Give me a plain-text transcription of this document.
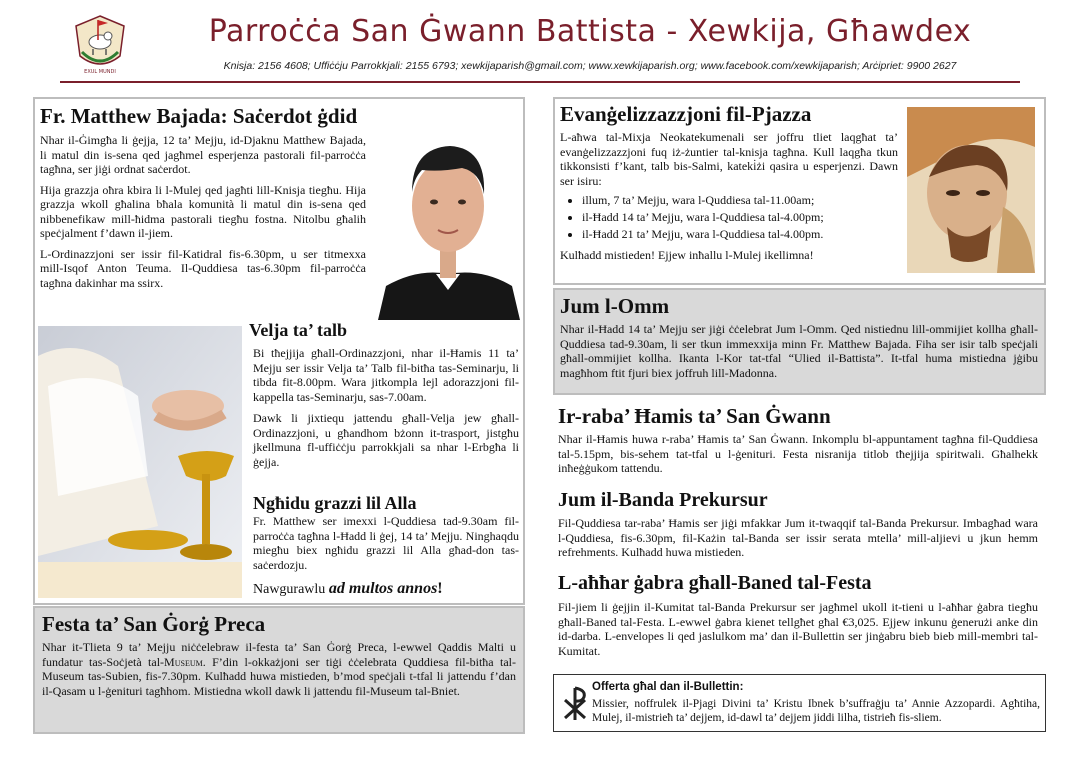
EXUL MUNDI
Parroċċa San Ġwann Battista - Xewkija, Għawdex
Knisja: 2156 4608; Uffiċċju Parrokkjali: 2155 6793; xewkijaparish@gmail.com; www.xewkijaparish.org; www.facebook.com/xewkijaparish; Arċipriet: 9900 2627
Fr. Matthew Bajada: Saċerdot ġdid

Nhar il-Ġimgħa li ġejja, 12 ta’ Mejju, id-Djaknu Matthew Bajada, li matul din is-sena qed jagħmel esperjenza pastorali fil-parroċċa tagħna, ser jiġi ordnat saċerdot.

Hija grazzja oħra kbira li l-Mulej qed jagħti lill-Knisja tiegħu. Hija grazzja wkoll għalina bħala komunità li matul din is-sena qed nibbenefikaw mill-ħidma pastorali tiegħu fostna. Nitolbu għalih speċjalment f’dawn il-jiem.

L-Ordinazzjoni ser issir fil-Katidral fis-6.30pm, u ser titmexxa mill-Isqof Anton Teuma. Il-Quddiesa tas-6.30pm fil-parroċċa tagħna dakinhar ma ssirx.

Velja ta’ talb

Bi tħejjija għall-Ordinazzjoni, nhar il-Ħamis 11 ta’ Mejju ser issir Velja ta’ Talb fil-bitħa tas-Seminarju, li tibda fit-8.00pm. Wara jitkompla lejl adorazzjoni fil-kappella tas-Seminarju, sas-7.00am.

Dawk li jixtiequ jattendu għall-Velja jew għall-Ordinazzjoni, u għandhom bżonn it-trasport, jistgħu jkellmuna fl-uffiċċju parrokkjali sa nhar l-Erbgħa li ġejja.

Ngħidu grazzi lil Alla

Fr. Matthew ser imexxi l-Quddiesa tad-9.30am fil-parroċċa tagħna l-Ħadd li ġej, 14 ta’ Mejju. Ninghaqdu miegħu biex ngħidu grazzi lil Alla għad-don tas-saċerdozju.

Nawgurawlu ad multos annos!

Festa ta’ San Ġorġ Preca

Nhar it-Tlieta 9 ta’ Mejju niċċelebraw il-festa ta’ San Ġorġ Preca, l-ewwel Qaddis Malti u fundatur tas-Soċjetà tal-Museum. F’din l-okkażjoni ser tiġi ċċelebrata Quddiesa fil-bitħa tal-Museum tas-Subien, fis-7.30pm. Kulħadd huwa mistieden, b’mod speċjali t-tfal li jattendu f’dan il-Qasam u l-ġenituri tagħhom. Mistiedna wkoll dawk li jattendu fil-Museum tal-Bniet.

Evanġelizzazzjoni fil-Pjazza

L-aħwa tal-Mixja Neokatekumenali ser joffru tliet laqgħat ta’ evanġelizzazzjoni fuq iż-żuntier tal-knisja tagħna. Kull laqgħa tkun tikkonsisti f’kant, talb bis-Salmi, kateki̇żi qasira u esperjenzi. Dawn ser isiru:

• illum, 7 ta’ Mejju, wara l-Quddiesa tal-11.00am;
• il-Ħadd 14 ta’ Mejju, wara l-Quddiesa tal-4.00pm;
• il-Ħadd 21 ta’ Mejju, wara l-Quddiesa tal-4.00pm.

Kulħadd mistieden! Ejjew inħallu l-Mulej ikellimna!

Jum l-Omm

Nhar il-Ħadd 14 ta’ Mejju ser jiġi ċċelebrat Jum l-Omm. Qed nistiednu lill-ommijiet kollha għall-Quddiesa tad-9.30am, li ser tkun immexxija minn Fr. Matthew Bajada. Fiha ser isir talb speċjali għall-ommijiet kollha. Ikanta l-Kor tat-tfal “Ulied il-Battista”. It-tfal huma mistiedna jġibu magħhom ftit fjuri biex joffruh lill-Madonna.

Ir-raba’ Ħamis ta’ San Ġwann

Nhar il-Ħamis huwa r-raba’ Ħamis ta’ San Ġwann. Inkomplu bl-appuntament tagħna fil-Quddiesa tal-5.15pm, bis-sehem tat-tfal u l-ġenituri. Festa nisranija titlob tħejjija spiritwali. Għalhekk inħeġġukom tattendu.

Jum il-Banda Prekursur

Fil-Quddiesa tar-raba’ Ħamis ser jiġi mfakkar Jum it-twaqqif tal-Banda Prekursur. Imbagħad wara l-Quddiesa, fis-6.30pm, fil-Każin tal-Banda ser issir serata mtella’ mill-aljievi u jkun hemm refrehments. Kulħadd huwa mistieden.

L-aħħar ġabra għall-Baned tal-Festa

Fil-jiem li ġejjin il-Kumitat tal-Banda Prekursur ser jagħmel ukoll it-tieni u l-aħħar ġabra tiegħu għall-Baned tal-Festa. L-ewwel ġabra kienet tellgħet għal €3,025. Ejjew inkunu ġenerużi anke din id-darba. L-envelopes li qed jaslulkom ma’ dan il-Bullettin ser jinġabru bieb bieb mill-membri tal-Kumitat.

Offerta għal dan il-Bullettin:

Missier, noffrulek il-Pjagi Divini ta’ Kristu Ibnek b’suffraġju ta’ Annie Azzopardi. Agħtiha, Mulej, il-mistrieħ ta’ dejjem, id-dawl ta’ dejjem jiddi lilha, tistrieħ fis-sliem.
